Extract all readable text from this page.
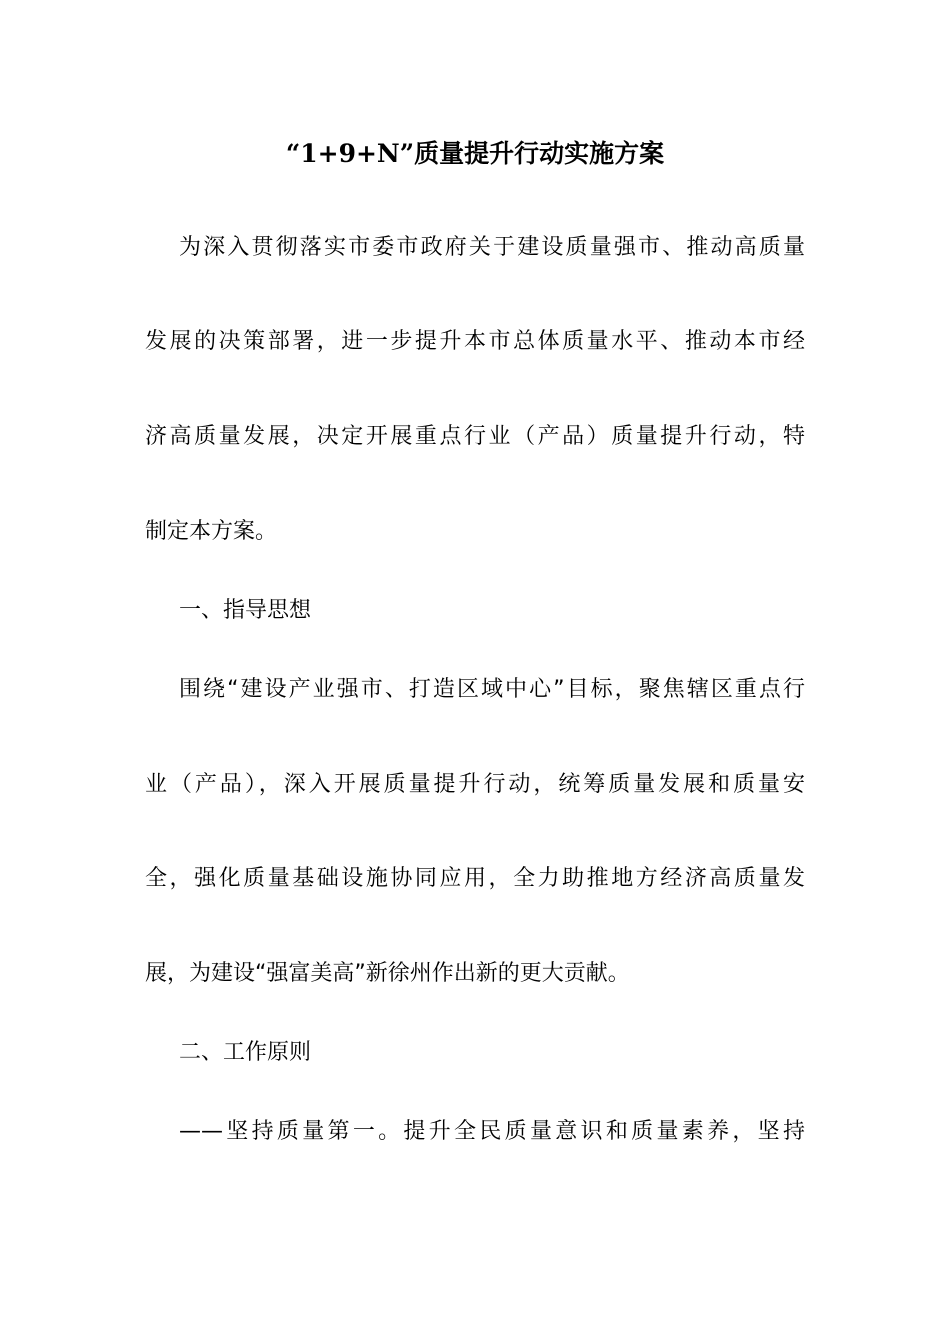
“1+9+N”质量提升行动实施方案
为深入贯彻落实市委市政府关于建设质量强市、推动高质量
发展的决策部署，进一步提升本市总体质量水平、推动本市经
济高质量发展，决定开展重点行业（产品）质量提升行动，特
制定本方案。
一、指导思想
围绕“建设产业强市、打造区域中心”目标，聚焦辖区重点行
业（产品），深入开展质量提升行动，统筹质量发展和质量安
全，强化质量基础设施协同应用，全力助推地方经济高质量发
展，为建设“强富美高”新徐州作出新的更大贡献。
二、工作原则
——坚持质量第一。提升全民质量意识和质量素养，坚持
